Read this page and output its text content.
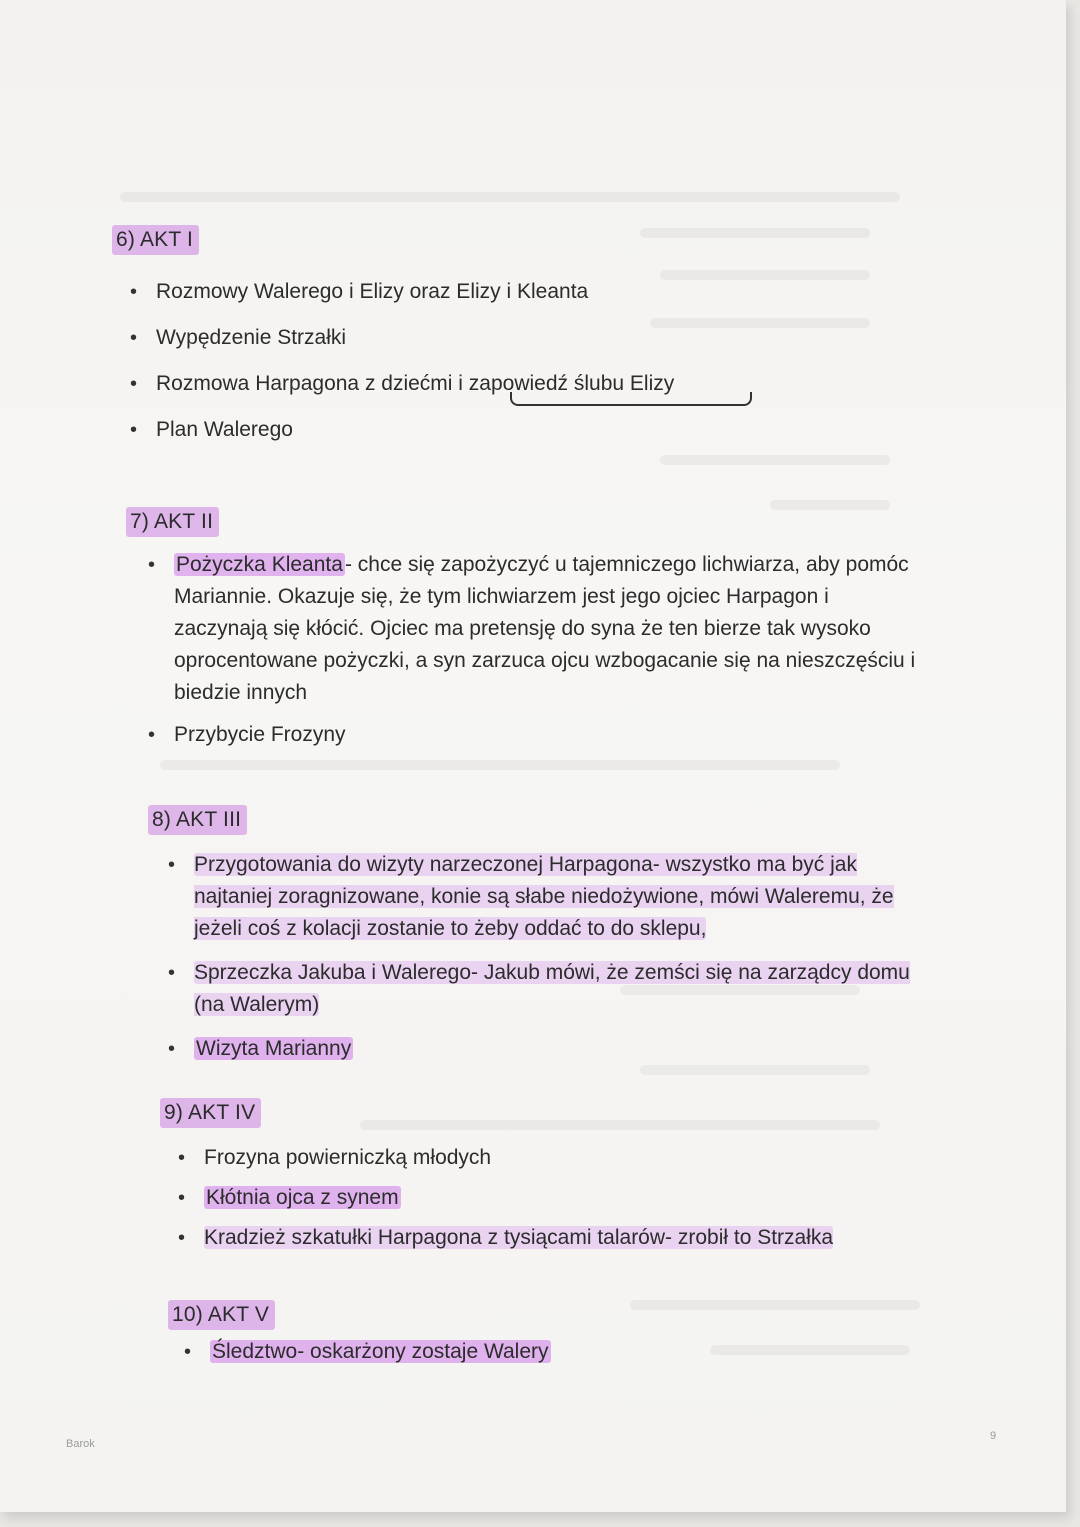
6) AKT I
• Rozmowy Walerego i Elizy oraz Elizy i Kleanta
• Wypędzenie Strzałki
• Rozmowa Harpagona z dziećmi i zapowiedź ślubu Elizy
• Plan Walerego
7) AKT II
• Pożyczka Kleanta- chce się zapożyczyć u tajemniczego lichwiarza, aby pomóc Mariannie. Okazuje się, że tym lichwiarzem jest jego ojciec Harpagon i zaczynają się kłócić. Ojciec ma pretensję do syna że ten bierze tak wysoko oprocentowane pożyczki, a syn zarzuca ojcu wzbogacanie się na nieszczęściu i biedzie innych
• Przybycie Frozyny
8) AKT III
• Przygotowania do wizyty narzeczonej Harpagona- wszystko ma być jak najtaniej zoragnizowane, konie są słabe niedożywione, mówi Waleremu, że jeżeli coś z kolacji zostanie to żeby oddać to do sklepu,
• Sprzeczka Jakuba i Walerego- Jakub mówi, że zemści się na zarządcy domu (na Walerym)
• Wizyta Marianny
9) AKT IV
• Frozyna powierniczką młodych
• Kłótnia ojca z synem
• Kradzież szkatułki Harpagona z tysiącami talarów- zrobił to Strzałka
10) AKT V
• Śledztwo- oskarżony zostaje Walery
Barok
9
